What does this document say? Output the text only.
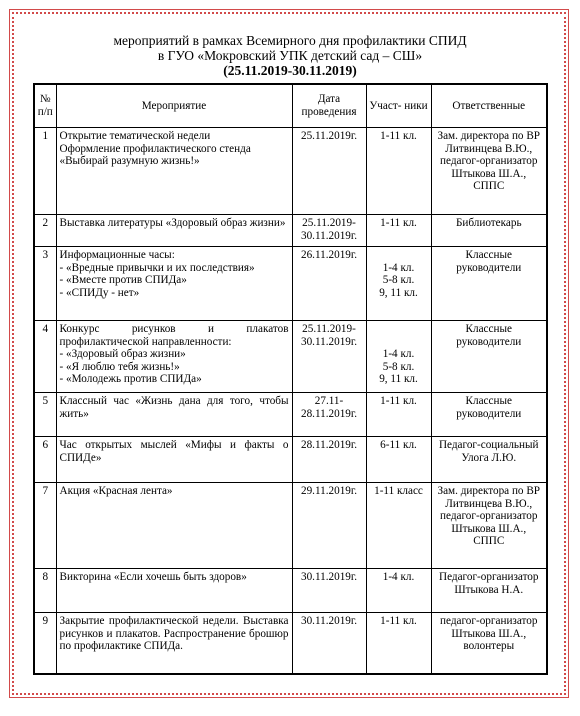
мероприятий в рамках Всемирного дня профилактики СПИД
в ГУО «Мокровский УПК детский сад – СШ»
(25.11.2019-30.11.2019)
№ п/п	Мероприятие	Дата проведения	Участ- ники	Ответственные
1	Открытие тематической недели
Оформление профилактического стенда
«Выбирай разумную жизнь!»	25.11.2019г.	1-11 кл.	Зам. директора по ВР Литвинцева В.Ю., педагог-организатор Штыкова Ш.А., СППС

2	Выставка литературы «Здоровый образ жизни»	25.11.2019-
30.11.2019г.	1-11 кл.	Библиотекарь

3	Информационные часы:
- «Вредные привычки и их последствия»
- «Вместе против СПИДа»
- «СПИДу - нет»	26.11.2019г.	1-4 кл.
5-8 кл.
9, 11 кл.	Классные руководители

4	Конкурс рисунков и плакатов профилактической направленности:
- «Здоровый образ жизни»
- «Я люблю тебя жизнь!»
- «Молодежь против СПИДа»	25.11.2019-
30.11.2019г.	1-4 кл.
5-8 кл.
9, 11 кл.	Классные руководители

5	Классный час «Жизнь дана для того, чтобы жить»	27.11-
28.11.2019г.	1-11 кл.	Классные руководители

6	Час открытых мыслей «Мифы и факты о СПИДе»	28.11.2019г.	6-11 кл.	Педагог-социальный Улога Л.Ю.

7	Акция «Красная лента»	29.11.2019г.	1-11 класс	Зам. директора по ВР Литвинцева В.Ю., педагог-организатор Штыкова Ш.А., СППС

8	Викторина «Если хочешь быть здоров»	30.11.2019г.	1-4 кл.	Педагог-организатор Штыкова Н.А.

9	Закрытие профилактической недели. Выставка рисунков и плакатов. Распространение брошюр по профилактике СПИДа.	30.11.2019г.	1-11 кл.	педагог-организатор Штыкова Ш.А., волонтеры
